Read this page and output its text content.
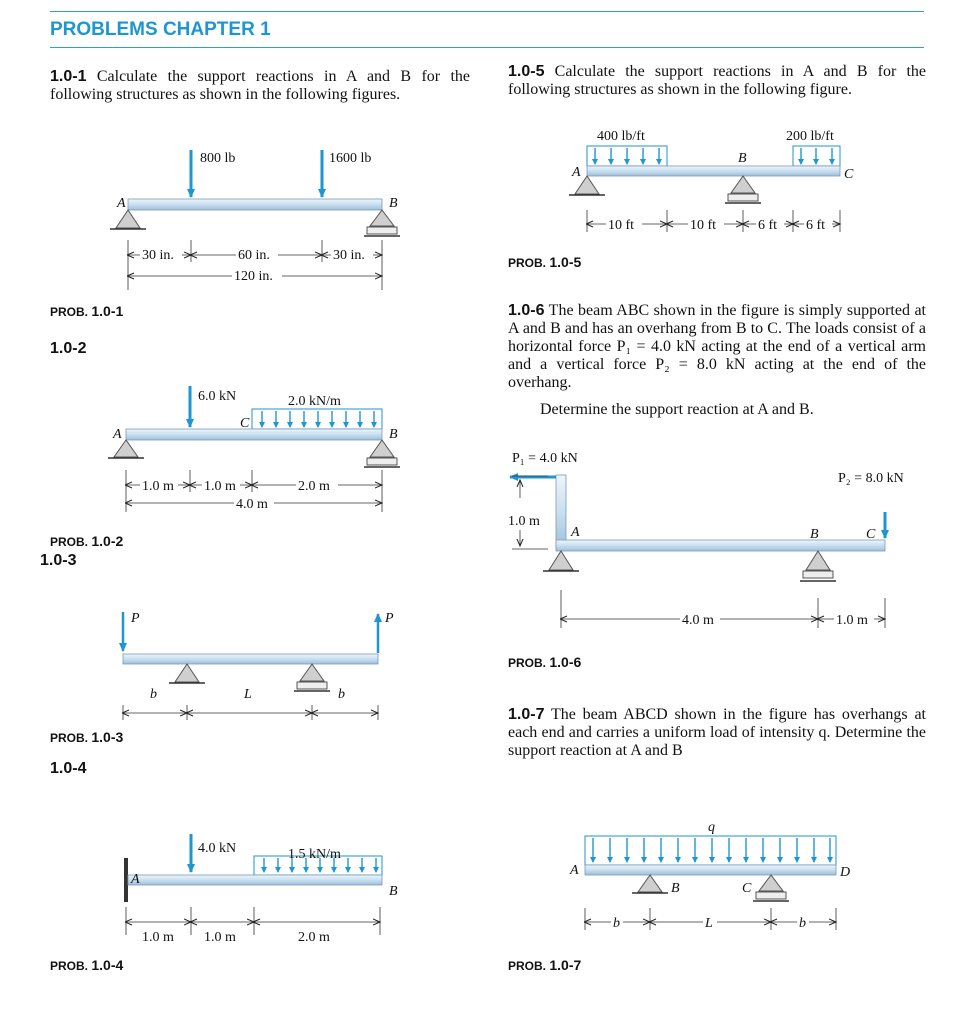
PROBLEMS CHAPTER 1
1.0-1 Calculate the support reactions in A and B for the following structures as shown in the following figures.
1.0-5 Calculate the support reactions in A and B for the following structures as shown in the following figure.
1.0-6 The beam ABC shown in the figure is simply supported at A and B and has an overhang from B to C. The loads consist of a horizontal force P₁ = 4.0 kN acting at the end of a vertical arm and a vertical force P₂ = 8.0 kN acting at the end of the overhang.
Determine the support reaction at A and B.
1.0-7 The beam ABCD shown in the figure has overhangs at each end and carries a uniform load of intensity q. Determine the support reaction at A and B
1.0-2
1.0-3
1.0-4
PROB. 1.0-1
PROB. 1.0-2
PROB. 1.0-3
PROB. 1.0-4
PROB. 1.0-5
PROB. 1.0-6
PROB. 1.0-7
800 lb	1600 lb
A	B
30 in.	60 in.	30 in.
120 in.
6.0 kN	2.0 kN/m
C
A	B
1.0 m 1.0 m	2.0 m
4.0 m
P	P
b	L	b
4.0 kN	1.5 kN/m
A
B
1.0 m 1.0 m	2.0 m
400 lb/ft	200 lb/ft
A
B
C
10 ft	10 ft	6 ft 6 ft
P₁ = 4.0 kN
P₂ = 8.0 kN
1.0 m
A	B	C
4.0 m	1.0 m
q
A	D
B	C
b	L	b
